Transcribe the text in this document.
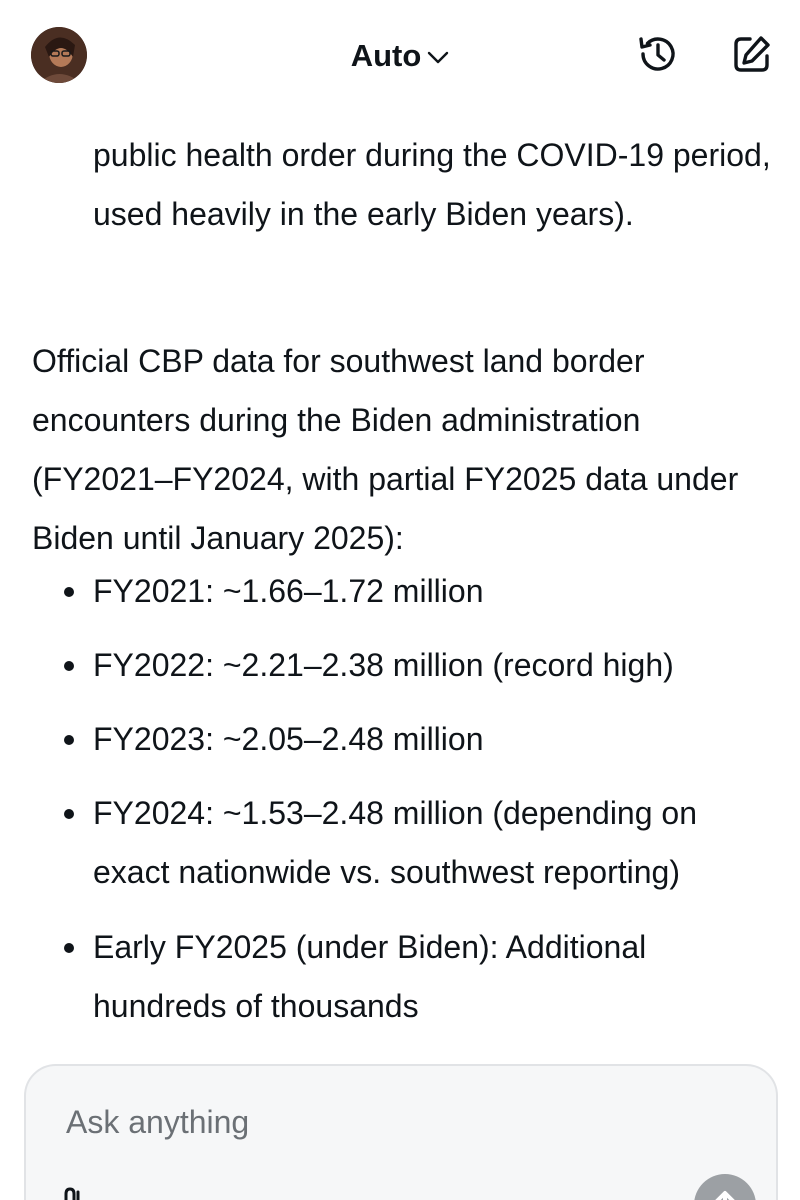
Auto

public health order during the COVID-19 period, used heavily in the early Biden years).

Official CBP data for southwest land border encounters during the Biden administration (FY2021–FY2024, with partial FY2025 data under Biden until January 2025):

FY2021: ~1.66–1.72 million
FY2022: ~2.21–2.38 million (record high)
FY2023: ~2.05–2.48 million
FY2024: ~1.53–2.48 million (depending on exact nationwide vs. southwest reporting)
Early FY2025 (under Biden): Additional hundreds of thousands
Ask anything
